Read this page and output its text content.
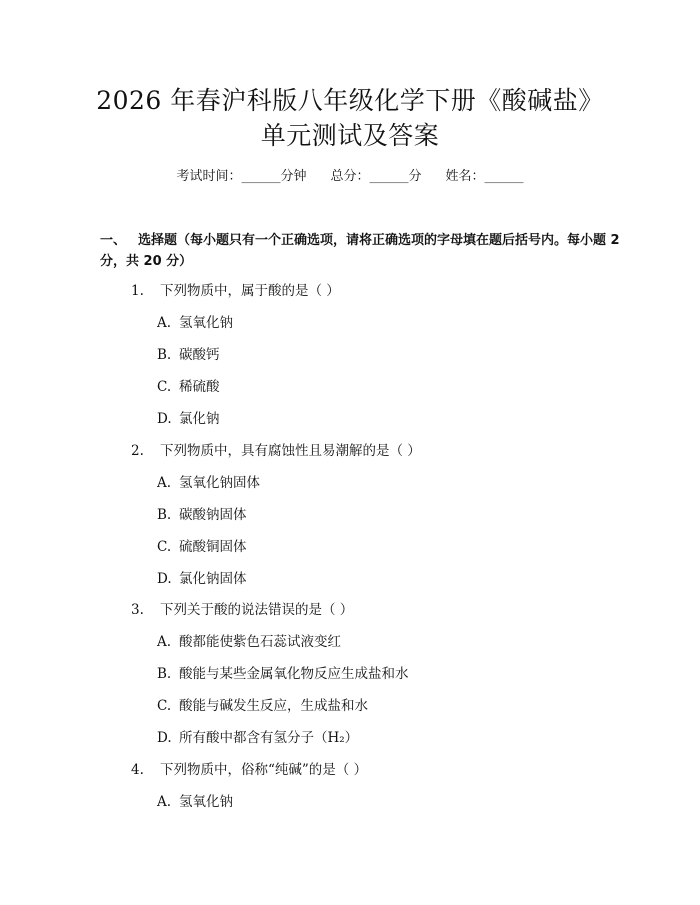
2026 年春沪科版八年级化学下册《酸碱盐》
单元测试及答案
考试时间：______分钟 总分：______分 姓名：______
一、 选择题（每小题只有一个正确选项，请将正确选项的字母填在题后括号内。每小题 2 分，共 20 分）
1. 下列物质中，属于酸的是（ ）
A. 氢氧化钠
B. 碳酸钙
C. 稀硫酸
D. 氯化钠
2. 下列物质中，具有腐蚀性且易潮解的是（ ）
A. 氢氧化钠固体
B. 碳酸钠固体
C. 硫酸铜固体
D. 氯化钠固体
3. 下列关于酸的说法错误的是（ ）
A. 酸都能使紫色石蕊试液变红
B. 酸能与某些金属氧化物反应生成盐和水
C. 酸能与碱发生反应，生成盐和水
D. 所有酸中都含有氢分子（H₂）
4. 下列物质中，俗称“纯碱”的是（ ）
A. 氢氧化钠
